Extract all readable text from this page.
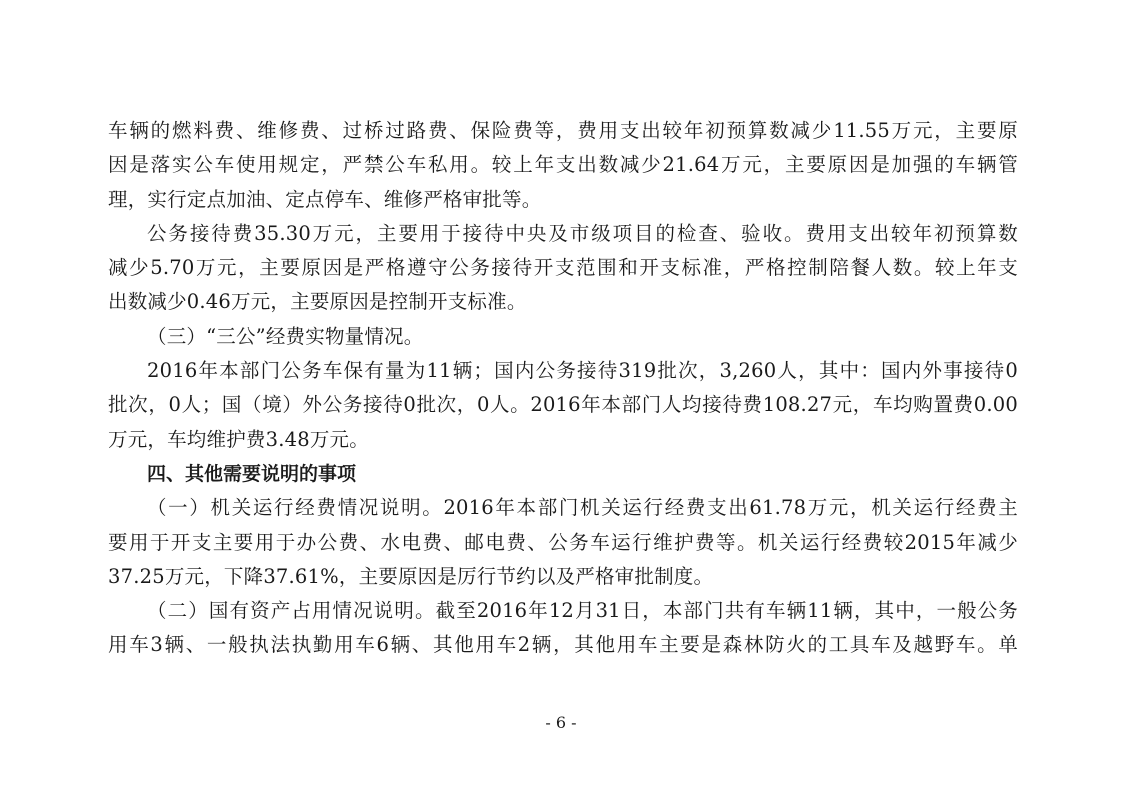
车辆的燃料费、维修费、过桥过路费、保险费等，费用支出较年初预算数减少11.55万元，主要原
因是落实公车使用规定，严禁公车私用。较上年支出数减少21.64万元，主要原因是加强的车辆管
理，实行定点加油、定点停车、维修严格审批等。
公务接待费35.30万元，主要用于接待中央及市级项目的检查、验收。费用支出较年初预算数
减少5.70万元，主要原因是严格遵守公务接待开支范围和开支标准，严格控制陪餐人数。较上年支
出数减少0.46万元，主要原因是控制开支标准。
（三）“三公”经费实物量情况。
2016年本部门公务车保有量为11辆；国内公务接待319批次，3,260人，其中：国内外事接待0
批次，0人；国（境）外公务接待0批次，0人。2016年本部门人均接待费108.27元，车均购置费0.00
万元，车均维护费3.48万元。
四、其他需要说明的事项
（一）机关运行经费情况说明。2016年本部门机关运行经费支出61.78万元，机关运行经费主
要用于开支主要用于办公费、水电费、邮电费、公务车运行维护费等。机关运行经费较2015年减少
37.25万元，下降37.61%，主要原因是厉行节约以及严格审批制度。
（二）国有资产占用情况说明。截至2016年12月31日，本部门共有车辆11辆，其中，一般公务
用车3辆、一般执法执勤用车6辆、其他用车2辆，其他用车主要是森林防火的工具车及越野车。单
- 6 -
